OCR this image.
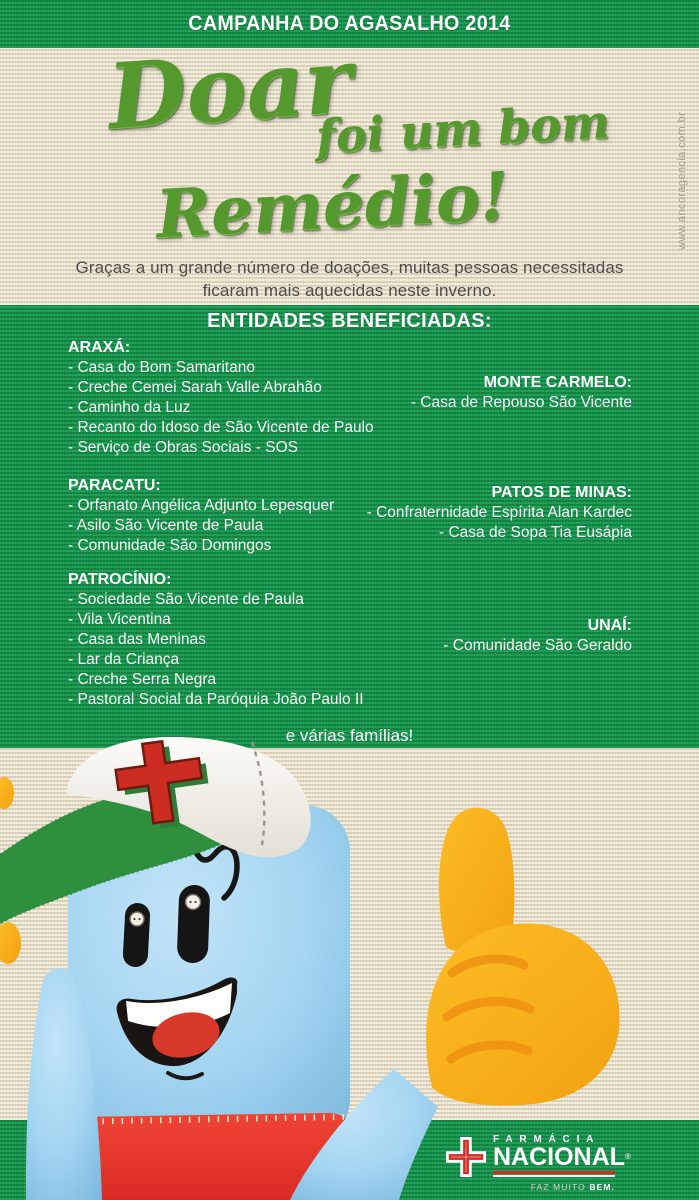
CAMPANHA DO AGASALHO 2014
Doar
foi um bom
Remédio!
Graças a um grande número de doações, muitas pessoas necessitadas
ficaram mais aquecidas neste inverno.
ENTIDADES BENEFICIADAS:
ARAXÁ:
- Casa do Bom Samaritano
- Creche Cemei Sarah Valle Abrahão
- Caminho da Luz
- Recanto do Idoso de São Vicente de Paulo
- Serviço de Obras Sociais - SOS
PARACATU:
- Orfanato Angélica Adjunto Lepesquer
- Asilo São Vicente de Paula
- Comunidade São Domingos
PATROCÍNIO:
- Sociedade São Vicente de Paula
- Vila Vicentina
- Casa das Meninas
- Lar da Criança
- Creche Serra Negra
- Pastoral Social da Paróquia João Paulo II
MONTE CARMELO:
- Casa de Repouso São Vicente
PATOS DE MINAS:
- Confraternidade Espírita Alan Kardec
- Casa de Sopa Tia Eusápia
UNAÍ:
- Comunidade São Geraldo
e várias famílias!
www.ancoragencia.com.br
FARMÁCIA
NACIONAL®
FAZ MUITO BEM.
